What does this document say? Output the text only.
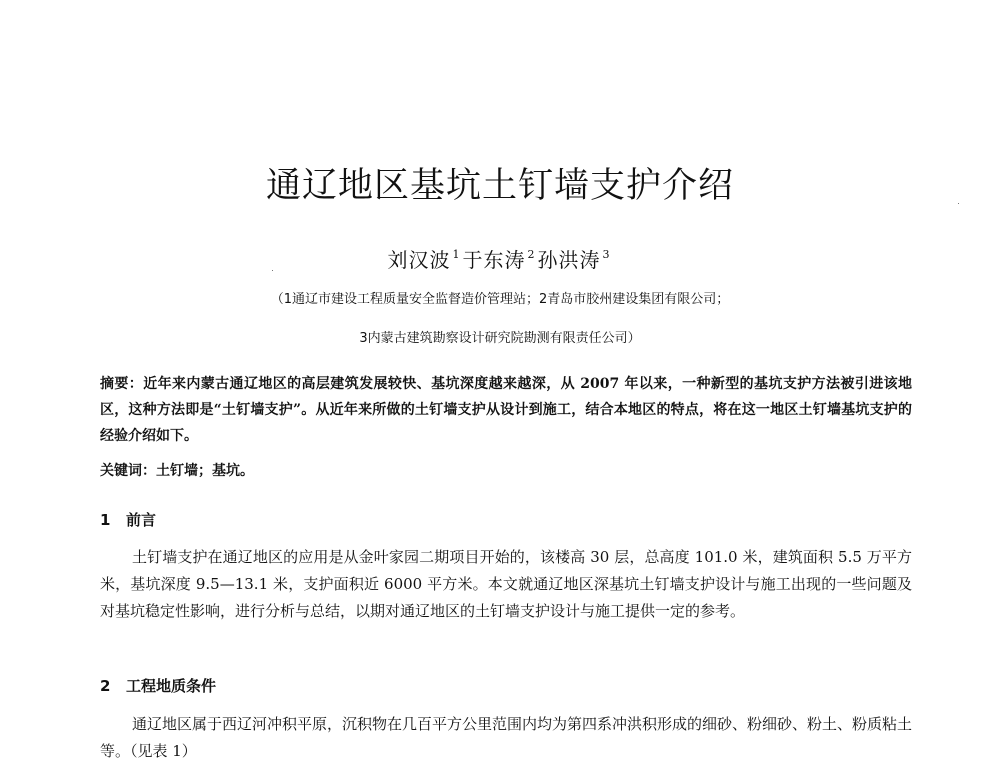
通辽地区基坑土钉墙支护介绍
刘汉波 $^1$ 于东涛 $^2$ 孙洪涛 $^3$
（1通辽市建设工程质量安全监督造价管理站；2青岛市胶州建设集团有限公司；
3内蒙古建筑勘察设计研究院勘测有限责任公司）
摘要：近年来内蒙古通辽地区的高层建筑发展较快、基坑深度越来越深，从 2007 年以来，一种新型的基坑支护方法被引进该地区，这种方法即是“土钉墙支护”。从近年来所做的土钉墙支护从设计到施工，结合本地区的特点，将在这一地区土钉墙基坑支护的经验介绍如下。
关键词：土钉墙；基坑。
1 前言
土钉墙支护在通辽地区的应用是从金叶家园二期项目开始的，该楼高 30 层，总高度 101.0 米，建筑面积 5.5 万平方米，基坑深度 9.5—13.1 米，支护面积近 6000 平方米。本文就通辽地区深基坑土钉墙支护设计与施工出现的一些问题及对基坑稳定性影响，进行分析与总结，以期对通辽地区的土钉墙支护设计与施工提供一定的参考。
2 工程地质条件
通辽地区属于西辽河冲积平原，沉积物在几百平方公里范围内均为第四系冲洪积形成的细砂、粉细砂、粉土、粉质粘土等。（见表 1）
